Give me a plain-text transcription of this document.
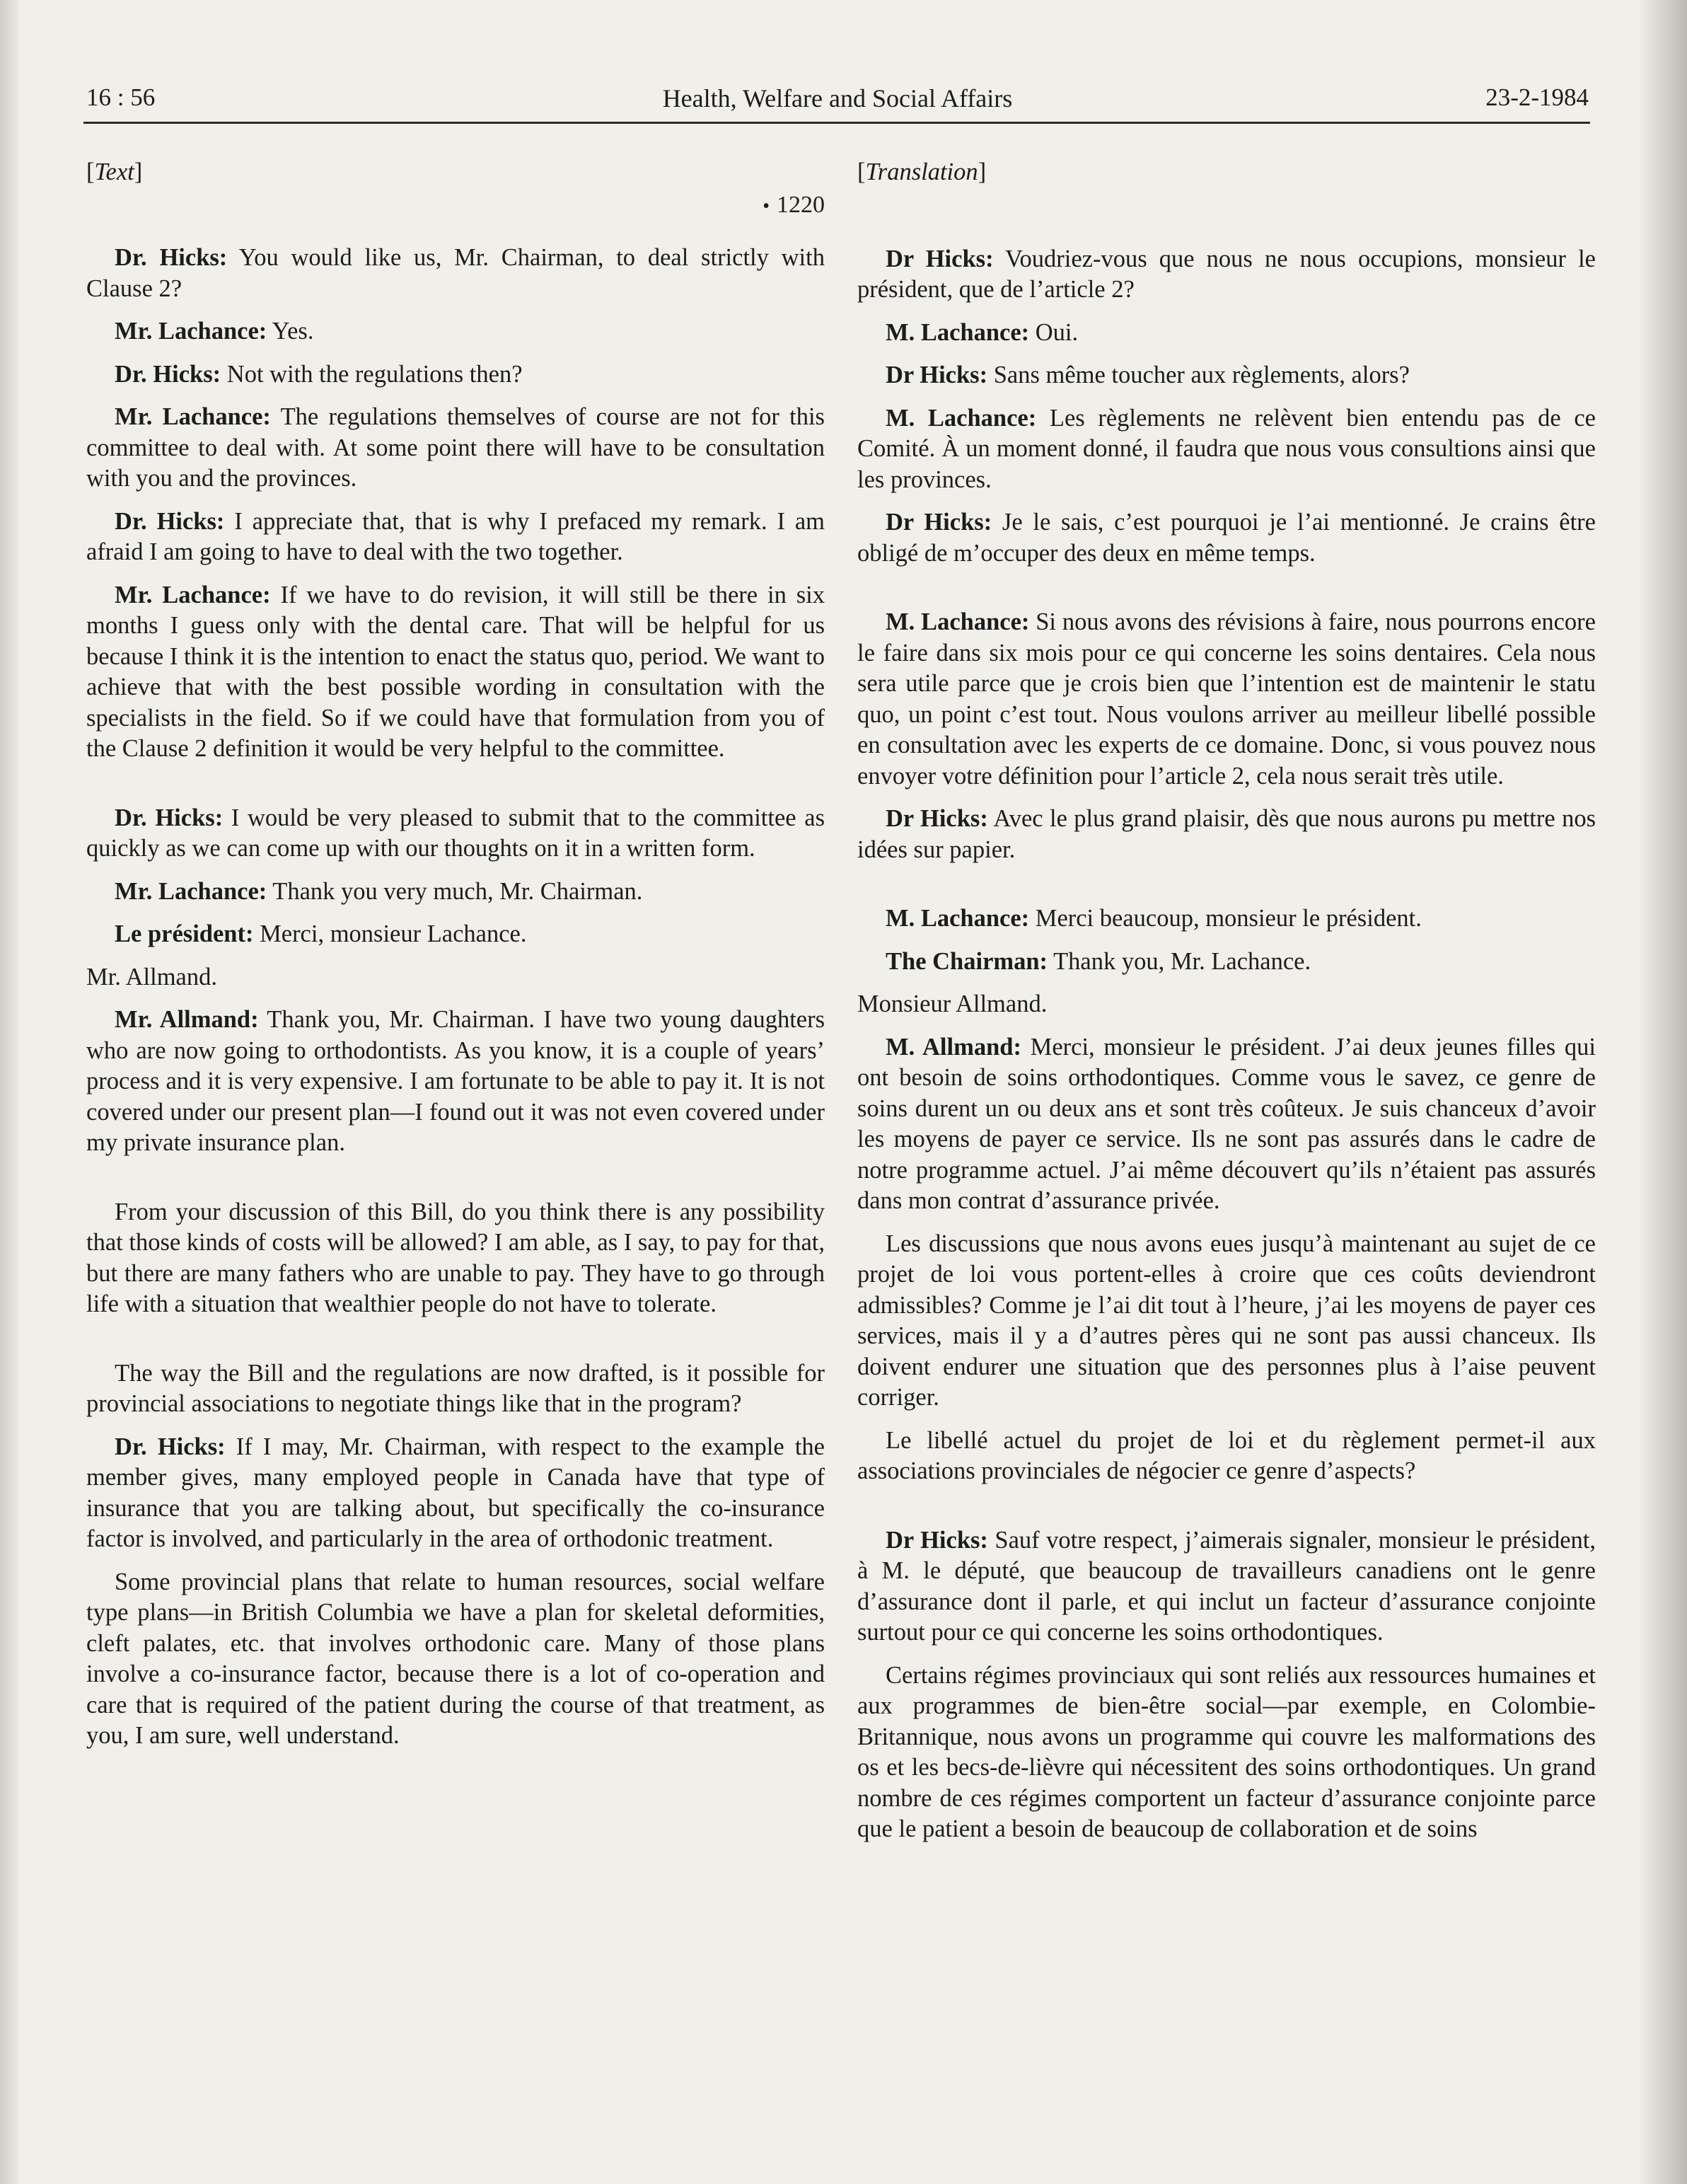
16 : 56	Health, Welfare and Social Affairs	23-2-1984
[Text]
• 1220

Dr. Hicks: You would like us, Mr. Chairman, to deal strictly with Clause 2?

Mr. Lachance: Yes.

Dr. Hicks: Not with the regulations then?

Mr. Lachance: The regulations themselves of course are not for this committee to deal with. At some point there will have to be consultation with you and the provinces.

Dr. Hicks: I appreciate that, that is why I prefaced my remark. I am afraid I am going to have to deal with the two together.

Mr. Lachance: If we have to do revision, it will still be there in six months I guess only with the dental care. That will be helpful for us because I think it is the intention to enact the status quo, period. We want to achieve that with the best possible wording in consultation with the specialists in the field. So if we could have that formulation from you of the Clause 2 definition it would be very helpful to the committee.

Dr. Hicks: I would be very pleased to submit that to the committee as quickly as we can come up with our thoughts on it in a written form.

Mr. Lachance: Thank you very much, Mr. Chairman.

Le président: Merci, monsieur Lachance.

Mr. Allmand.

Mr. Allmand: Thank you, Mr. Chairman. I have two young daughters who are now going to orthodontists. As you know, it is a couple of years’ process and it is very expensive. I am fortunate to be able to pay it. It is not covered under our present plan—I found out it was not even covered under my private insurance plan.

From your discussion of this Bill, do you think there is any possibility that those kinds of costs will be allowed? I am able, as I say, to pay for that, but there are many fathers who are unable to pay. They have to go through life with a situation that wealthier people do not have to tolerate.

The way the Bill and the regulations are now drafted, is it possible for provincial associations to negotiate things like that in the program?

Dr. Hicks: If I may, Mr. Chairman, with respect to the example the member gives, many employed people in Canada have that type of insurance that you are talking about, but specifically the co-insurance factor is involved, and particularly in the area of orthodonic treatment.

Some provincial plans that relate to human resources, social welfare type plans—in British Columbia we have a plan for skeletal deformities, cleft palates, etc. that involves orthodonic care. Many of those plans involve a co-insurance factor, because there is a lot of co-operation and care that is required of the patient during the course of that treatment, as you, I am sure, well understand.

[Translation]

Dr Hicks: Voudriez-vous que nous ne nous occupions, monsieur le président, que de l’article 2?

M. Lachance: Oui.

Dr Hicks: Sans même toucher aux règlements, alors?

M. Lachance: Les règlements ne relèvent bien entendu pas de ce Comité. À un moment donné, il faudra que nous vous consultions ainsi que les provinces.

Dr Hicks: Je le sais, c’est pourquoi je l’ai mentionné. Je crains être obligé de m’occuper des deux en même temps.

M. Lachance: Si nous avons des révisions à faire, nous pourrons encore le faire dans six mois pour ce qui concerne les soins dentaires. Cela nous sera utile parce que je crois bien que l’intention est de maintenir le statu quo, un point c’est tout. Nous voulons arriver au meilleur libellé possible en consultation avec les experts de ce domaine. Donc, si vous pouvez nous envoyer votre définition pour l’article 2, cela nous serait très utile.

Dr Hicks: Avec le plus grand plaisir, dès que nous aurons pu mettre nos idées sur papier.

M. Lachance: Merci beaucoup, monsieur le président.

The Chairman: Thank you, Mr. Lachance.

Monsieur Allmand.

M. Allmand: Merci, monsieur le président. J’ai deux jeunes filles qui ont besoin de soins orthodontiques. Comme vous le savez, ce genre de soins durent un ou deux ans et sont très coûteux. Je suis chanceux d’avoir les moyens de payer ce service. Ils ne sont pas assurés dans le cadre de notre programme actuel. J’ai même découvert qu’ils n’étaient pas assurés dans mon contrat d’assurance privée.

Les discussions que nous avons eues jusqu’à maintenant au sujet de ce projet de loi vous portent-elles à croire que ces coûts deviendront admissibles? Comme je l’ai dit tout à l’heure, j’ai les moyens de payer ces services, mais il y a d’autres pères qui ne sont pas aussi chanceux. Ils doivent endurer une situation que des personnes plus à l’aise peuvent corriger.

Le libellé actuel du projet de loi et du règlement permet-il aux associations provinciales de négocier ce genre d’aspects?

Dr Hicks: Sauf votre respect, j’aimerais signaler, monsieur le président, à M. le député, que beaucoup de travailleurs canadiens ont le genre d’assurance dont il parle, et qui inclut un facteur d’assurance conjointe surtout pour ce qui concerne les soins orthodontiques.

Certains régimes provinciaux qui sont reliés aux ressources humaines et aux programmes de bien-être social—par exemple, en Colombie-Britannique, nous avons un programme qui couvre les malformations des os et les becs-de-lièvre qui nécessitent des soins orthodontiques. Un grand nombre de ces régimes comportent un facteur d’assurance conjointe parce que le patient a besoin de beaucoup de collaboration et de soins
